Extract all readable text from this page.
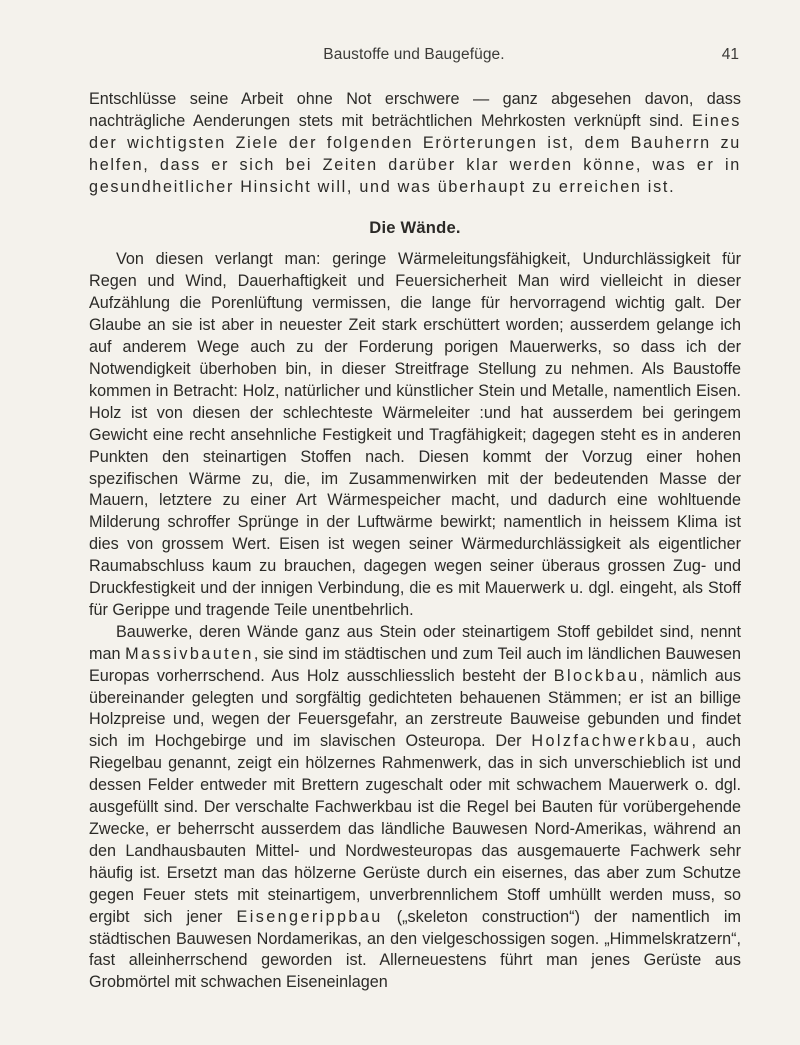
Baustoffe und Baugefüge.	41

Entschlüsse seine Arbeit ohne Not erschwere — ganz abgesehen davon, dass nachträgliche Aenderungen stets mit beträchtlichen Mehrkosten verknüpft sind. Eines der wichtigsten Ziele der folgenden Erörterungen ist, dem Bauherrn zu helfen, dass er sich bei Zeiten darüber klar werden könne, was er in gesundheitlicher Hinsicht will, und was überhaupt zu erreichen ist.

Die Wände.

Von diesen verlangt man: geringe Wärmeleitungsfähigkeit, Undurchlässigkeit für Regen und Wind, Dauerhaftigkeit und Feuersicherheit Man wird vielleicht in dieser Aufzählung die Porenlüftung vermissen, die lange für hervorragend wichtig galt. Der Glaube an sie ist aber in neuester Zeit stark erschüttert worden; ausserdem gelange ich auf anderem Wege auch zu der Forderung porigen Mauerwerks, so dass ich der Notwendigkeit überhoben bin, in dieser Streitfrage Stellung zu nehmen. Als Baustoffe kommen in Betracht: Holz, natürlicher und künstlicher Stein und Metalle, namentlich Eisen. Holz ist von diesen der schlechteste Wärmeleiter :und hat ausserdem bei geringem Gewicht eine recht ansehnliche Festigkeit und Tragfähigkeit; dagegen steht es in anderen Punkten den steinartigen Stoffen nach. Diesen kommt der Vorzug einer hohen spezifischen Wärme zu, die, im Zusammenwirken mit der bedeutenden Masse der Mauern, letztere zu einer Art Wärmespeicher macht, und dadurch eine wohltuende Milderung schroffer Sprünge in der Luftwärme bewirkt; namentlich in heissem Klima ist dies von grossem Wert. Eisen ist wegen seiner Wärmedurchlässigkeit als eigentlicher Raumabschluss kaum zu brauchen, dagegen wegen seiner überaus grossen Zug- und Druckfestigkeit und der innigen Verbindung, die es mit Mauerwerk u. dgl. eingeht, als Stoff für Gerippe und tragende Teile unentbehrlich.

Bauwerke, deren Wände ganz aus Stein oder steinartigem Stoff gebildet sind, nennt man Massivbauten, sie sind im städtischen und zum Teil auch im ländlichen Bauwesen Europas vorherrschend. Aus Holz ausschliesslich besteht der Blockbau, nämlich aus übereinander gelegten und sorgfältig gedichteten behauenen Stämmen; er ist an billige Holzpreise und, wegen der Feuersgefahr, an zerstreute Bauweise gebunden und findet sich im Hochgebirge und im slavischen Osteuropa. Der Holzfachwerkbau, auch Riegelbau genannt, zeigt ein hölzernes Rahmenwerk, das in sich unverschieblich ist und dessen Felder entweder mit Brettern zugeschalt oder mit schwachem Mauerwerk o. dgl. ausgefüllt sind. Der verschalte Fachwerkbau ist die Regel bei Bauten für vorübergehende Zwecke, er beherrscht ausserdem das ländliche Bauwesen Nord-Amerikas, während an den Landhausbauten Mittel- und Nordwesteuropas das ausgemauerte Fachwerk sehr häufig ist. Ersetzt man das hölzerne Gerüste durch ein eisernes, das aber zum Schutze gegen Feuer stets mit steinartigem, unverbrennlichem Stoff umhüllt werden muss, so ergibt sich jener Eisengerippbau („skeleton construction“) der namentlich im städtischen Bauwesen Nordamerikas, an den vielgeschossigen sogen. „Himmelskratzern“, fast alleinherrschend geworden ist. Allerneuestens führt man jenes Gerüste aus Grobmörtel mit schwachen Eiseneinlagen
